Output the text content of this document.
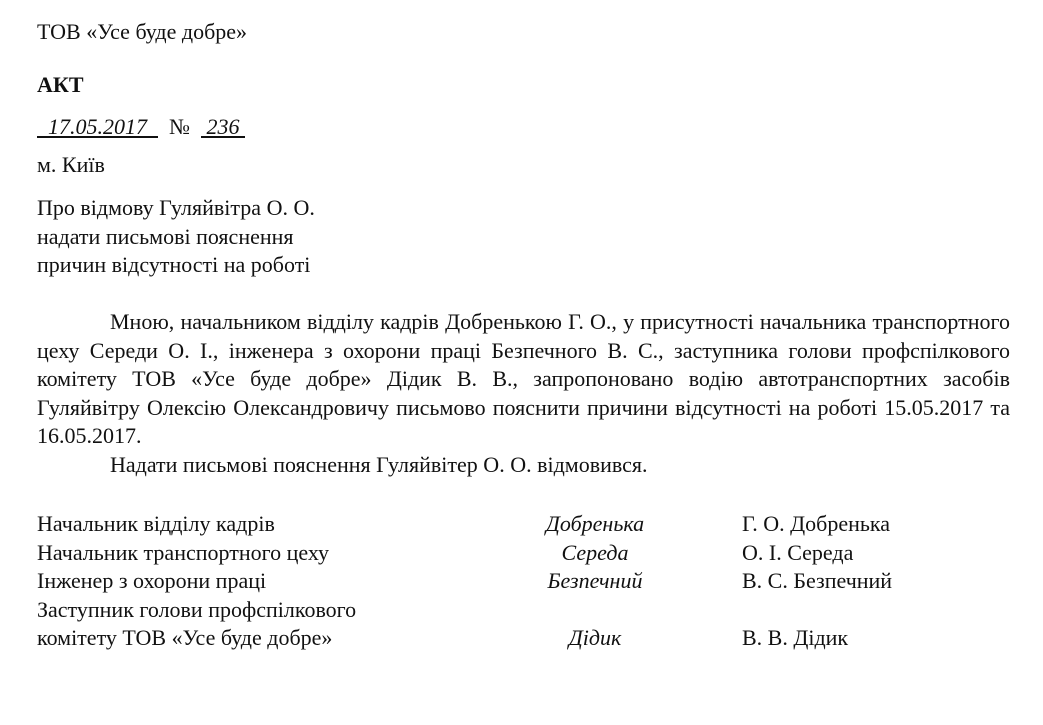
ТОВ «Усе буде добре»
АКТ
17.05.2017 № 236
м. Київ
Про відмову Гуляйвітра О. О.
надати письмові пояснення
причин відсутності на роботі

Мною, начальником відділу кадрів Добренькою Г. О., у присутності начальника транспортного цеху Середи О. І., інженера з охорони праці Безпечного В. С., заступника голови профспілкового комітету ТОВ «Усе буде добре» Дідик В. В., запропоновано водію автотранспортних засобів Гуляйвітру Олексію Олександровичу письмово пояснити причини відсутності на роботі 15.05.2017 та 16.05.2017.

Надати письмові пояснення Гуляйвітер О. О. відмовився.

Начальник відділу кадрів	Добренька	Г. О. Добренька
Начальник транспортного цеху	Середа	О. І. Середа
Інженер з охорони праці	Безпечний	В. С. Безпечний
Заступник голови профспілкового
комітету ТОВ «Усе буде добре»	Дідик	В. В. Дідик
